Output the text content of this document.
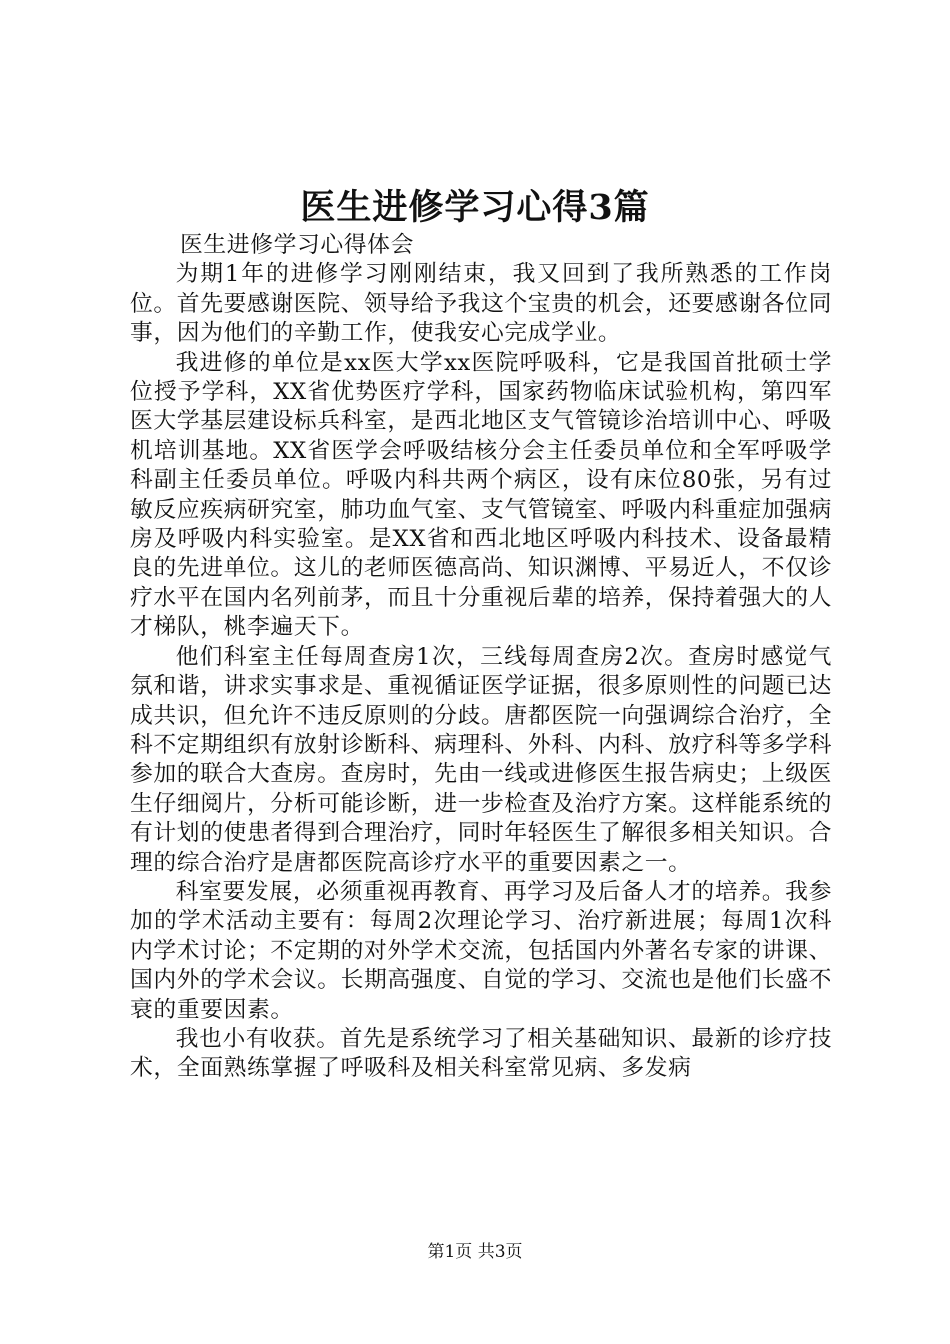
医生进修学习心得3篇

医生进修学习心得体会

为期1年的进修学习刚刚结束，我又回到了我所熟悉的工作岗位。首先要感谢医院、领导给予我这个宝贵的机会，还要感谢各位同事，因为他们的辛勤工作，使我安心完成学业。

我进修的单位是xx医大学xx医院呼吸科，它是我国首批硕士学位授予学科，XX省优势医疗学科，国家药物临床试验机构，第四军医大学基层建设标兵科室，是西北地区支气管镜诊治培训中心、呼吸机培训基地。XX省医学会呼吸结核分会主任委员单位和全军呼吸学科副主任委员单位。呼吸内科共两个病区，设有床位80张，另有过敏反应疾病研究室，肺功血气室、支气管镜室、呼吸内科重症加强病房及呼吸内科实验室。是XX省和西北地区呼吸内科技术、设备最精良的先进单位。这儿的老师医德高尚、知识渊博、平易近人，不仅诊疗水平在国内名列前茅，而且十分重视后辈的培养，保持着强大的人才梯队，桃李遍天下。

他们科室主任每周查房1次，三线每周查房2次。查房时感觉气氛和谐，讲求实事求是、重视循证医学证据，很多原则性的问题已达成共识，但允许不违反原则的分歧。唐都医院一向强调综合治疗，全科不定期组织有放射诊断科、病理科、外科、内科、放疗科等多学科参加的联合大查房。查房时，先由一线或进修医生报告病史；上级医生仔细阅片，分析可能诊断，进一步检查及治疗方案。这样能系统的有计划的使患者得到合理治疗，同时年轻医生了解很多相关知识。合理的综合治疗是唐都医院高诊疗水平的重要因素之一。

科室要发展，必须重视再教育、再学习及后备人才的培养。我参加的学术活动主要有：每周2次理论学习、治疗新进展；每周1次科内学术讨论；不定期的对外学术交流，包括国内外著名专家的讲课、国内外的学术会议。长期高强度、自觉的学习、交流也是他们长盛不衰的重要因素。

我也小有收获。首先是系统学习了相关基础知识、最新的诊疗技术，全面熟练掌握了呼吸科及相关科室常见病、多发病

第1页 共3页
